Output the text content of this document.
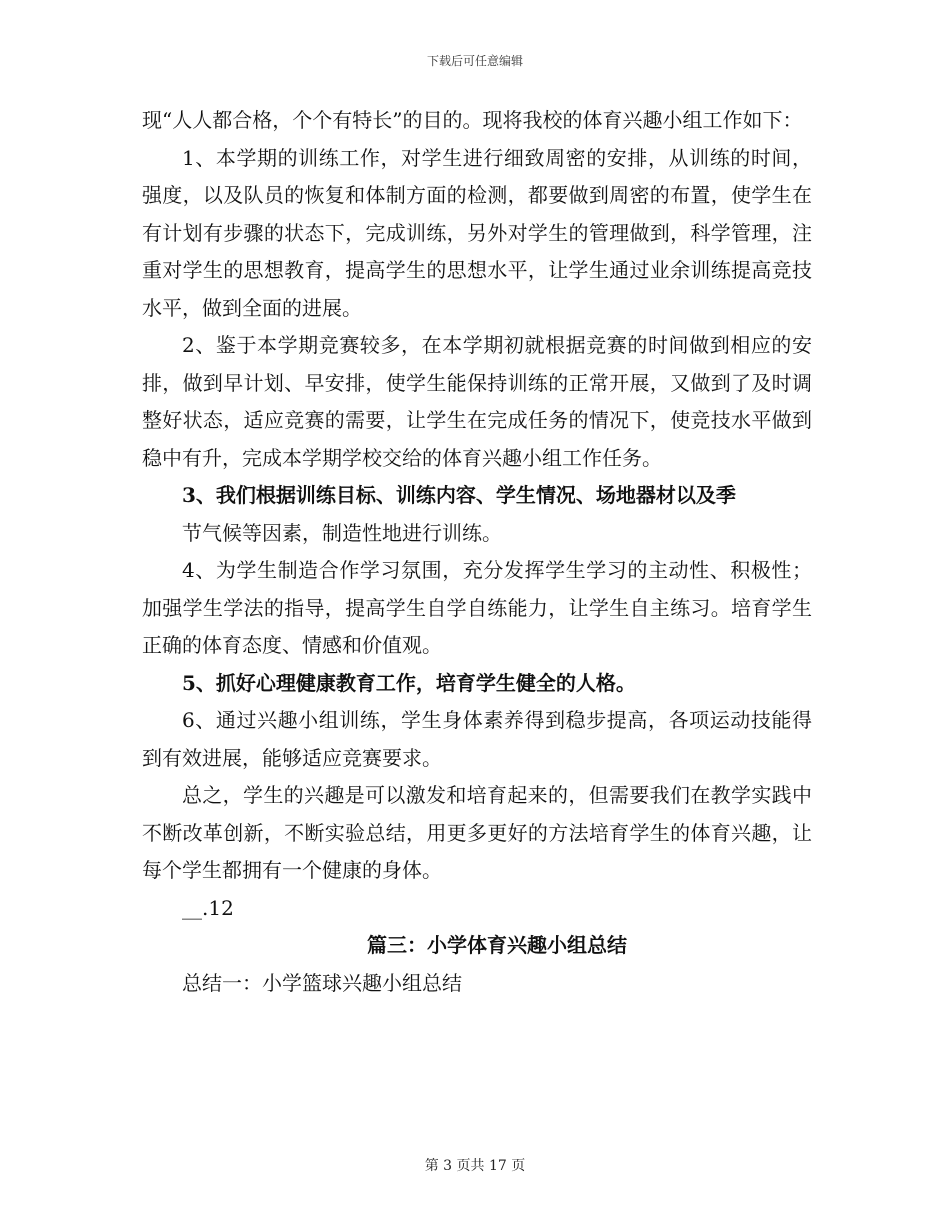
下载后可任意编辑

现“人人都合格，个个有特长”的目的。现将我校的体育兴趣小组工作如下：

1、本学期的训练工作，对学生进行细致周密的安排，从训练的时间，强度，以及队员的恢复和体制方面的检测，都要做到周密的布置，使学生在有计划有步骤的状态下，完成训练，另外对学生的管理做到，科学管理，注重对学生的思想教育，提高学生的思想水平，让学生通过业余训练提高竞技水平，做到全面的进展。

2、鉴于本学期竞赛较多，在本学期初就根据竞赛的时间做到相应的安排，做到早计划、早安排，使学生能保持训练的正常开展，又做到了及时调整好状态，适应竞赛的需要，让学生在完成任务的情况下，使竞技水平做到稳中有升，完成本学期学校交给的体育兴趣小组工作任务。

3、我们根据训练目标、训练内容、学生情况、场地器材以及季

节气候等因素，制造性地进行训练。

4、为学生制造合作学习氛围，充分发挥学生学习的主动性、积极性；加强学生学法的指导，提高学生自学自练能力，让学生自主练习。培育学生正确的体育态度、情感和价值观。

5、抓好心理健康教育工作，培育学生健全的人格。

6、通过兴趣小组训练，学生身体素养得到稳步提高，各项运动技能得到有效进展，能够适应竞赛要求。

总之，学生的兴趣是可以激发和培育起来的，但需要我们在教学实践中不断改革创新，不断实验总结，用更多更好的方法培育学生的体育兴趣，让每个学生都拥有一个健康的身体。

__.12

篇三：小学体育兴趣小组总结

总结一：小学篮球兴趣小组总结

第 3 页共 17 页
